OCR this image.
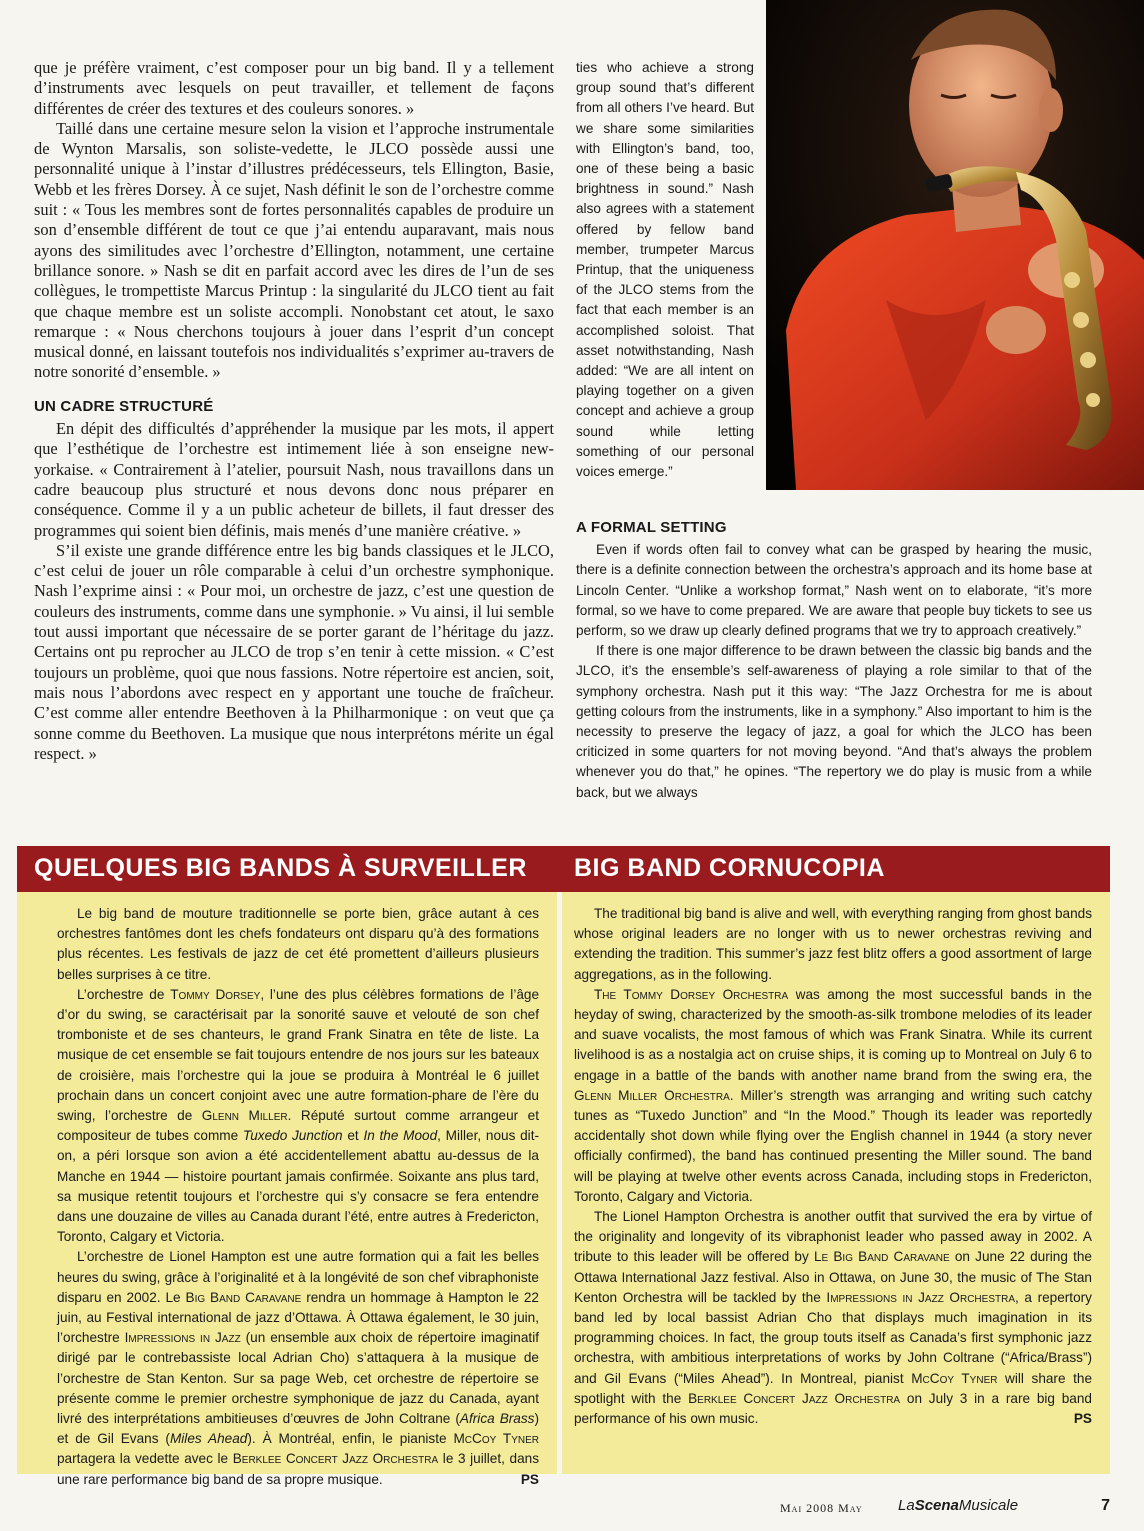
que je préfère vraiment, c’est composer pour un big band. Il y a tellement d’instruments avec lesquels on peut travailler, et tellement de façons différentes de créer des textures et des couleurs sonores. »

Taillé dans une certaine mesure selon la vision et l’approche instrumentale de Wynton Marsalis, son soliste-vedette, le JLCO possède aussi une personnalité unique à l’instar d’illustres prédécesseurs, tels Ellington, Basie, Webb et les frères Dorsey. À ce sujet, Nash définit le son de l’orchestre comme suit : « Tous les membres sont de fortes personnalités capables de produire un son d’ensemble différent de tout ce que j’ai entendu auparavant, mais nous ayons des similitudes avec l’orchestre d’Ellington, notamment, une certaine brillance sonore. » Nash se dit en parfait accord avec les dires de l’un de ses collègues, le trompettiste Marcus Printup : la singularité du JLCO tient au fait que chaque membre est un soliste accompli. Nonobstant cet atout, le saxo remarque : « Nous cherchons toujours à jouer dans l’esprit d’un concept musical donné, en laissant toutefois nos individualités s’exprimer au-travers de notre sonorité d’ensemble. »

UN CADRE STRUCTURÉ

En dépit des difficultés d’appréhender la musique par les mots, il appert que l’esthétique de l’orchestre est intimement liée à son enseigne new-yorkaise. « Contrairement à l’atelier, poursuit Nash, nous travaillons dans un cadre beaucoup plus structuré et nous devons donc nous préparer en conséquence. Comme il y a un public acheteur de billets, il faut dresser des programmes qui soient bien définis, mais menés d’une manière créative. »

S’il existe une grande différence entre les big bands classiques et le JLCO, c’est celui de jouer un rôle comparable à celui d’un orchestre symphonique. Nash l’exprime ainsi : « Pour moi, un orchestre de jazz, c’est une question de couleurs des instruments, comme dans une symphonie. » Vu ainsi, il lui semble tout aussi important que nécessaire de se porter garant de l’héritage du jazz. Certains ont pu reprocher au JLCO de trop s’en tenir à cette mission. « C’est toujours un problème, quoi que nous fassions. Notre répertoire est ancien, soit, mais nous l’abordons avec respect en y apportant une touche de fraîcheur. C’est comme aller entendre Beethoven à la Philharmonique : on veut que ça sonne comme du Beethoven. La musique que nous interprétons mérite un égal respect. »

ties who achieve a strong group sound that’s different from all others I’ve heard. But we share some similarities with Ellington’s band, too, one of these being a basic brightness in sound.” Nash also agrees with a statement offered by fellow band member, trumpeter Marcus Printup, that the uniqueness of the JLCO stems from the fact that each member is an accomplished soloist. That asset notwithstanding, Nash added: “We are all intent on playing together on a given concept and achieve a group sound while letting something of our personal voices emerge.”

A FORMAL SETTING

Even if words often fail to convey what can be grasped by hearing the music, there is a definite connection between the orchestra’s approach and its home base at Lincoln Center. “Unlike a workshop format,” Nash went on to elaborate, “it’s more formal, so we have to come prepared. We are aware that people buy tickets to see us perform, so we draw up clearly defined programs that we try to approach creatively.”

If there is one major difference to be drawn between the classic big bands and the JLCO, it’s the ensemble’s self-awareness of playing a role similar to that of the symphony orchestra. Nash put it this way: “The Jazz Orchestra for me is about getting colours from the instruments, like in a symphony.” Also important to him is the necessity to preserve the legacy of jazz, a goal for which the JLCO has been criticized in some quarters for not moving beyond. “And that’s always the problem whenever you do that,” he opines. “The repertory we do play is music from a while back, but we always

QUELQUES BIG BANDS À SURVEILLER BIG BAND CORNUCOPIA

Le big band de mouture traditionnelle se porte bien, grâce autant à ces orchestres fantômes dont les chefs fondateurs ont disparu qu’à des formations plus récentes. Les festivals de jazz de cet été promettent d’ailleurs plusieurs belles surprises à ce titre.

L’orchestre de Tommy Dorsey, l’une des plus célèbres formations de l’âge d’or du swing, se caractérisait par la sonorité sauve et velouté de son chef tromboniste et de ses chanteurs, le grand Frank Sinatra en tête de liste. La musique de cet ensemble se fait toujours entendre de nos jours sur les bateaux de croisière, mais l’orchestre qui la joue se produira à Montréal le 6 juillet prochain dans un concert conjoint avec une autre formation-phare de l’ère du swing, l’orchestre de Glenn Miller. Réputé surtout comme arrangeur et compositeur de tubes comme Tuxedo Junction et In the Mood, Miller, nous dit-on, a péri lorsque son avion a été accidentellement abattu au-dessus de la Manche en 1944 — histoire pourtant jamais confirmée. Soixante ans plus tard, sa musique retentit toujours et l’orchestre qui s’y consacre se fera entendre dans une douzaine de villes au Canada durant l’été, entre autres à Fredericton, Toronto, Calgary et Victoria.

L’orchestre de Lionel Hampton est une autre formation qui a fait les belles heures du swing, grâce à l’originalité et à la longévité de son chef vibraphoniste disparu en 2002. Le Big Band Caravane rendra un hommage à Hampton le 22 juin, au Festival international de jazz d’Ottawa. À Ottawa également, le 30 juin, l’orchestre Impressions in Jazz (un ensemble aux choix de répertoire imaginatif dirigé par le contrebassiste local Adrian Cho) s’attaquera à la musique de l’orchestre de Stan Kenton. Sur sa page Web, cet orchestre de répertoire se présente comme le premier orchestre symphonique de jazz du Canada, ayant livré des interprétations ambitieuses d’œuvres de John Coltrane (Africa Brass) et de Gil Evans (Miles Ahead). À Montréal, enfin, le pianiste McCoy Tyner partagera la vedette avec le Berklee Concert Jazz Orchestra le 3 juillet, dans une rare performance big band de sa propre musique.	PS

The traditional big band is alive and well, with everything ranging from ghost bands whose original leaders are no longer with us to newer orchestras reviving and extending the tradition. This summer’s jazz fest blitz offers a good assortment of large aggregations, as in the following.

The Tommy Dorsey Orchestra was among the most successful bands in the heyday of swing, characterized by the smooth-as-silk trombone melodies of its leader and suave vocalists, the most famous of which was Frank Sinatra. While its current livelihood is as a nostalgia act on cruise ships, it is coming up to Montreal on July 6 to engage in a battle of the bands with another name brand from the swing era, the Glenn Miller Orchestra. Miller’s strength was arranging and writing such catchy tunes as “Tuxedo Junction” and “In the Mood.” Though its leader was reportedly accidentally shot down while flying over the English channel in 1944 (a story never officially confirmed), the band has continued presenting the Miller sound. The band will be playing at twelve other events across Canada, including stops in Fredericton, Toronto, Calgary and Victoria.

The Lionel Hampton Orchestra is another outfit that survived the era by virtue of the originality and longevity of its vibraphonist leader who passed away in 2002. A tribute to this leader will be offered by Le Big Band Caravane on June 22 during the Ottawa International Jazz festival. Also in Ottawa, on June 30, the music of The Stan Kenton Orchestra will be tackled by the Impressions in Jazz Orchestra, a repertory band led by local bassist Adrian Cho that displays much imagination in its programming choices. In fact, the group touts itself as Canada’s first symphonic jazz orchestra, with ambitious interpretations of works by John Coltrane (“Africa/Brass”) and Gil Evans (“Miles Ahead”). In Montreal, pianist McCoy Tyner will share the spotlight with the Berklee Concert Jazz Orchestra on July 3 in a rare big band performance of his own music.	PS
Mai 2008 May LaScenaMusicale	7
